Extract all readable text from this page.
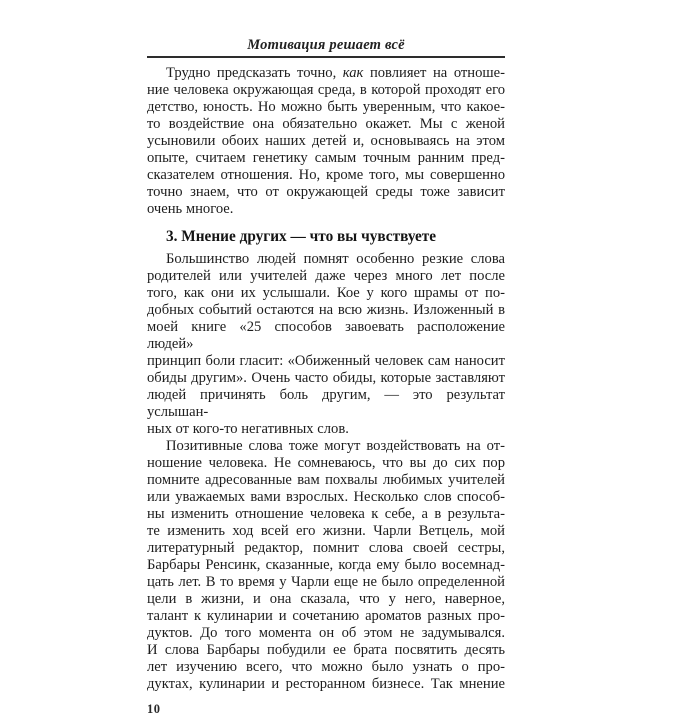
Мотивация решает всё
Трудно предсказать точно, как повлияет на отноше-
ние человека окружающая среда, в которой проходят его
детство, юность. Но можно быть уверенным, что какое-
то воздействие она обязательно окажет. Мы с женой
усыновили обоих наших детей и, основываясь на этом
опыте, считаем генетику самым точным ранним пред-
сказателем отношения. Но, кроме того, мы совершенно
точно знаем, что от окружающей среды тоже зависит
очень многое.
3. Мнение других — что вы чувствуете
Большинство людей помнят особенно резкие слова
родителей или учителей даже через много лет после
того, как они их услышали. Кое у кого шрамы от по-
добных событий остаются на всю жизнь. Изложенный в
моей книге «25 способов завоевать расположение людей»
принцип боли гласит: «Обиженный человек сам наносит
обиды другим». Очень часто обиды, которые заставляют
людей причинять боль другим, — это результат услышан-
ных от кого-то негативных слов.
Позитивные слова тоже могут воздействовать на от-
ношение человека. Не сомневаюсь, что вы до сих пор
помните адресованные вам похвалы любимых учителей
или уважаемых вами взрослых. Несколько слов способ-
ны изменить отношение человека к себе, а в результа-
те изменить ход всей его жизни. Чарли Ветцель, мой
литературный редактор, помнит слова своей сестры,
Барбары Ренсинк, сказанные, когда ему было восемнад-
цать лет. В то время у Чарли еще не было определенной
цели в жизни, и она сказала, что у него, наверное,
талант к кулинарии и сочетанию ароматов разных про-
дуктов. До того момента он об этом не задумывался.
И слова Барбары побудили ее брата посвятить десять
лет изучению всего, что можно было узнать о про-
дуктах, кулинарии и ресторанном бизнесе. Так мнение
10
